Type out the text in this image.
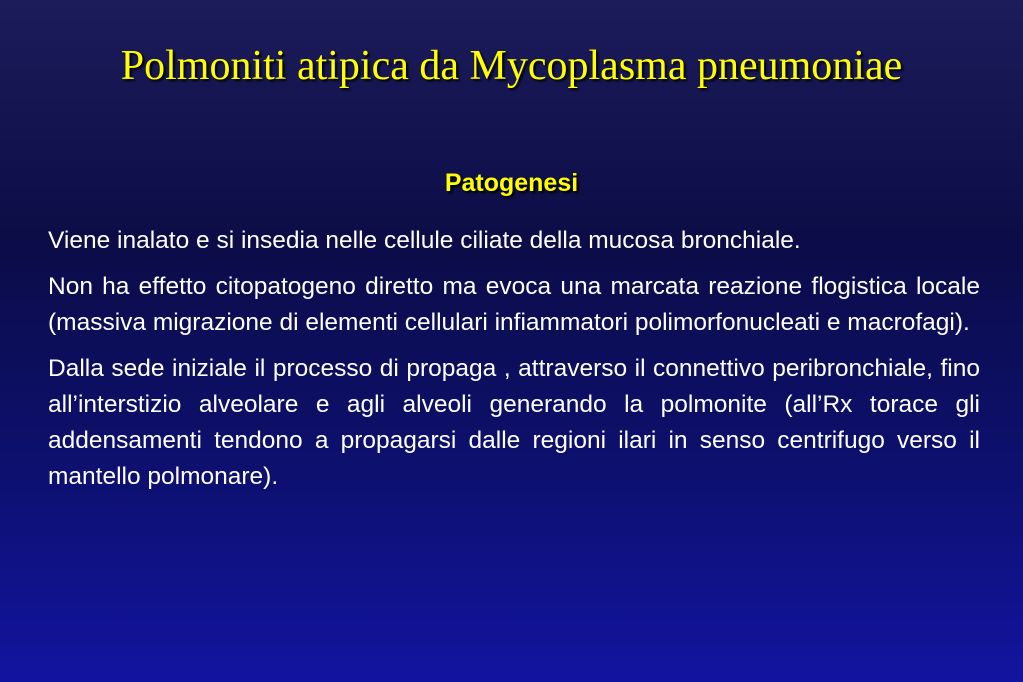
Polmoniti atipica da Mycoplasma pneumoniae
Patogenesi

Viene inalato e si insedia nelle cellule ciliate della mucosa bronchiale.

Non ha effetto citopatogeno diretto ma evoca una marcata reazione flogistica locale (massiva migrazione di elementi cellulari infiammatori polimorfonucleati e macrofagi).

Dalla sede iniziale il processo di propaga , attraverso il connettivo peribronchiale, fino all’interstizio alveolare e agli alveoli generando la polmonite (all’Rx torace gli addensamenti tendono a propagarsi dalle regioni ilari in senso centrifugo verso il mantello polmonare).
